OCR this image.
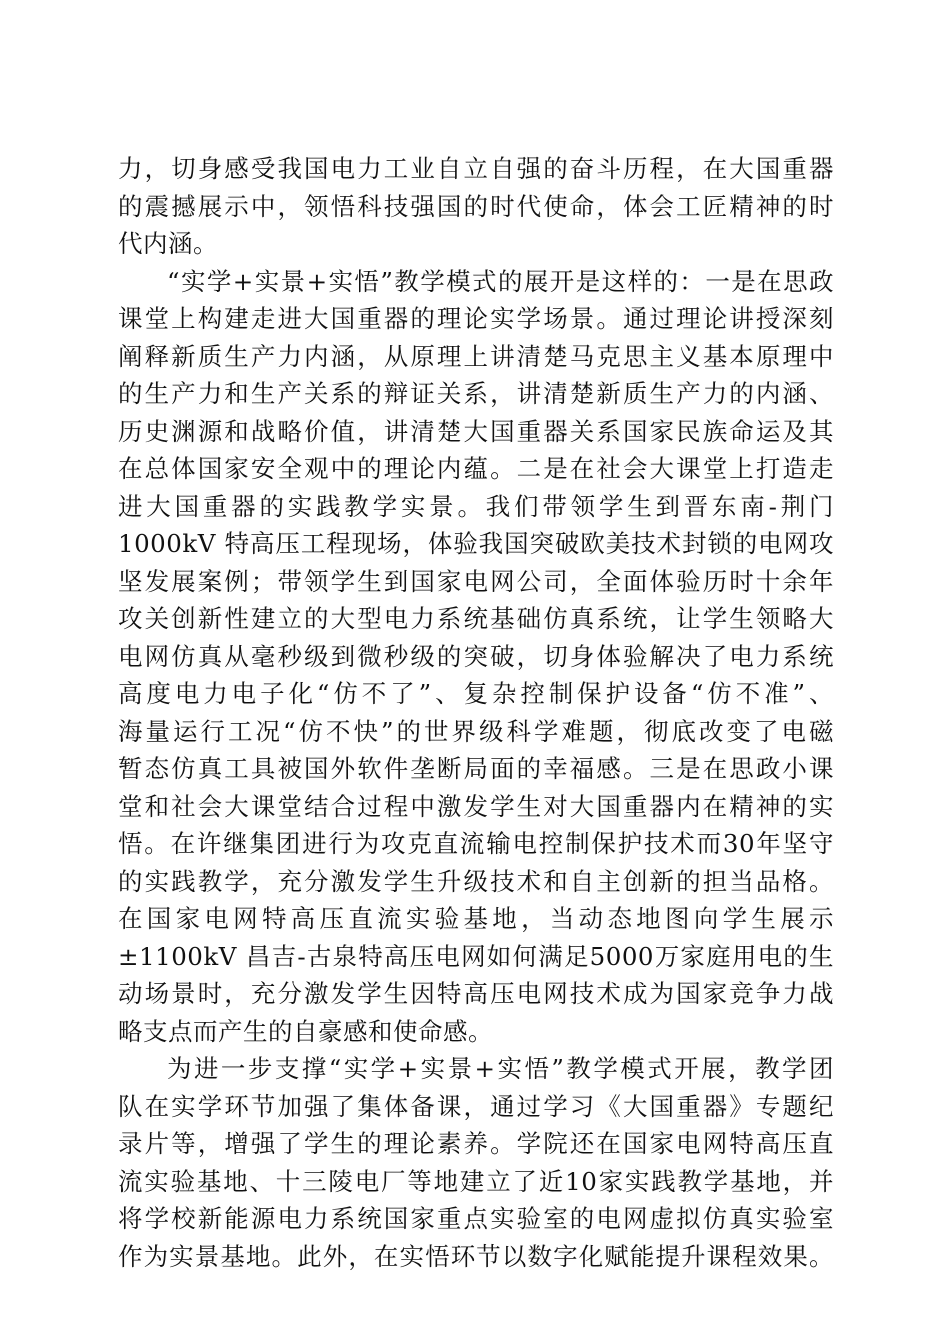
力，切身感受我国电力工业自立自强的奋斗历程，在大国重器
的震撼展示中，领悟科技强国的时代使命，体会工匠精神的时
代内涵。
“实学+实景+实悟”教学模式的展开是这样的：一是在思政
课堂上构建走进大国重器的理论实学场景。通过理论讲授深刻
阐释新质生产力内涵，从原理上讲清楚马克思主义基本原理中
的生产力和生产关系的辩证关系，讲清楚新质生产力的内涵、
历史渊源和战略价值，讲清楚大国重器关系国家民族命运及其
在总体国家安全观中的理论内蕴。二是在社会大课堂上打造走
进大国重器的实践教学实景。我们带领学生到晋东南-荆门
1000kV 特高压工程现场，体验我国突破欧美技术封锁的电网攻
坚发展案例；带领学生到国家电网公司，全面体验历时十余年
攻关创新性建立的大型电力系统基础仿真系统，让学生领略大
电网仿真从毫秒级到微秒级的突破，切身体验解决了电力系统
高度电力电子化“仿不了”、复杂控制保护设备“仿不准”、
海量运行工况“仿不快”的世界级科学难题，彻底改变了电磁
暂态仿真工具被国外软件垄断局面的幸福感。三是在思政小课
堂和社会大课堂结合过程中激发学生对大国重器内在精神的实
悟。在许继集团进行为攻克直流输电控制保护技术而30年坚守
的实践教学，充分激发学生升级技术和自主创新的担当品格。
在国家电网特高压直流实验基地，当动态地图向学生展示
±1100kV 昌吉-古泉特高压电网如何满足5000万家庭用电的生
动场景时，充分激发学生因特高压电网技术成为国家竞争力战
略支点而产生的自豪感和使命感。
为进一步支撑“实学+实景+实悟”教学模式开展，教学团
队在实学环节加强了集体备课，通过学习《大国重器》专题纪
录片等，增强了学生的理论素养。学院还在国家电网特高压直
流实验基地、十三陵电厂等地建立了近10家实践教学基地，并
将学校新能源电力系统国家重点实验室的电网虚拟仿真实验室
作为实景基地。此外，在实悟环节以数字化赋能提升课程效果。
